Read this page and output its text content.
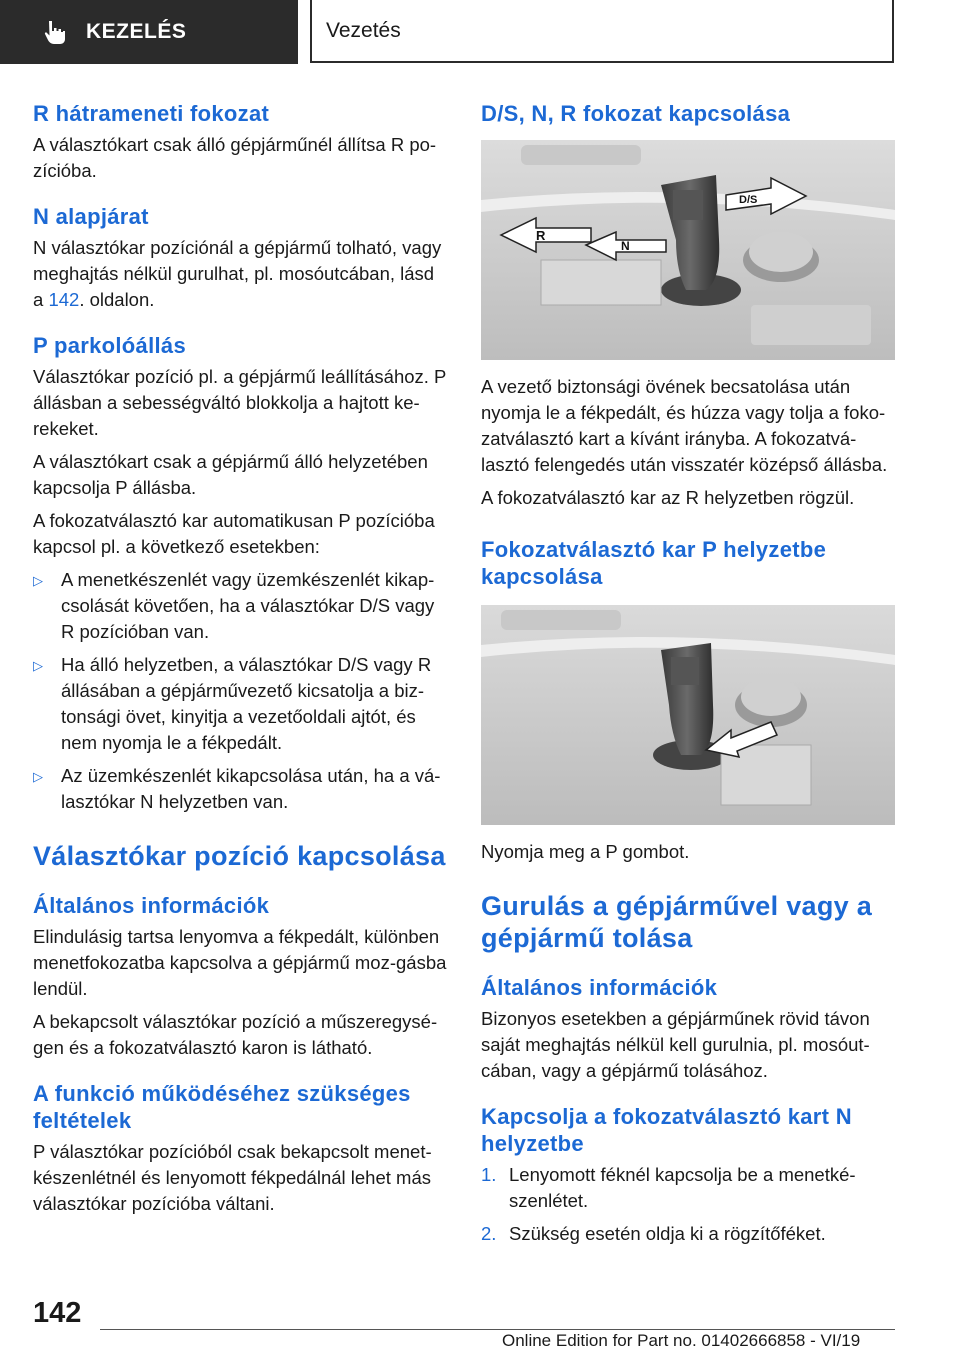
KEZELÉS	Vezetés
R hátrameneti fokozat
A választókart csak álló gépjárműnél állítsa R po-zícióba.
N alapjárat
N választókar pozíciónál a gépjármű tolható, vagy meghajtás nélkül gurulhat, pl. mosóutcában, lásd a 142. oldalon.
P parkolóállás
Választókar pozíció pl. a gépjármű leállításához. P állásban a sebességváltó blokkolja a hajtott ke-rekeket.
A választókart csak a gépjármű álló helyzetében kapcsolja P állásba.
A fokozatválasztó kar automatikusan P pozícióba kapcsol pl. a következő esetekben:
▷ A menetkészenlét vagy üzemkészenlét kikap-csolását követően, ha a választókar D/S vagy R pozícióban van.
▷ Ha álló helyzetben, a választókar D/S vagy R állásában a gépjárművezető kicsatolja a biz-tonsági övet, kinyitja a vezetőoldali ajtót, és nem nyomja le a fékpedált.
▷ Az üzemkészenlét kikapcsolása után, ha a vá-lasztókar N helyzetben van.
Választókar pozíció kapcsolása
Általános információk
Elindulásig tartsa lenyomva a fékpedált, különben menetfokozatba kapcsolva a gépjármű moz-gásba lendül.
A bekapcsolt választókar pozíció a műszeregysé-gen és a fokozatválasztó karon is látható.
A funkció működéséhez szükséges feltételek
P választókar pozícióból csak bekapcsolt menet-készenlétnél és lenyomott fékpedálnál lehet más választókar pozícióba váltani.
D/S, N, R fokozat kapcsolása
R
N
D/S
A vezető biztonsági övének becsatolása után nyomja le a fékpedált, és húzza vagy tolja a foko-zatválasztó kart a kívánt irányba. A fokozatvá-lasztó felengedés után visszatér középső állásba.
A fokozatválasztó kar az R helyzetben rögzül.
Fokozatválasztó kar P helyzetbe kapcsolása
Nyomja meg a P gombot.
Gurulás a gépjárművel vagy a gépjármű tolása
Általános információk
Bizonyos esetekben a gépjárműnek rövid távon saját meghajtás nélkül kell gurulnia, pl. mosóut-cában, vagy a gépjármű tolásához.
Kapcsolja a fokozatválasztó kart N helyzetbe
1. Lenyomott féknél kapcsolja be a menetké-szenlétet.
2. Szükség esetén oldja ki a rögzítőféket.
142
Online Edition for Part no. 01402666858 - VI/19
